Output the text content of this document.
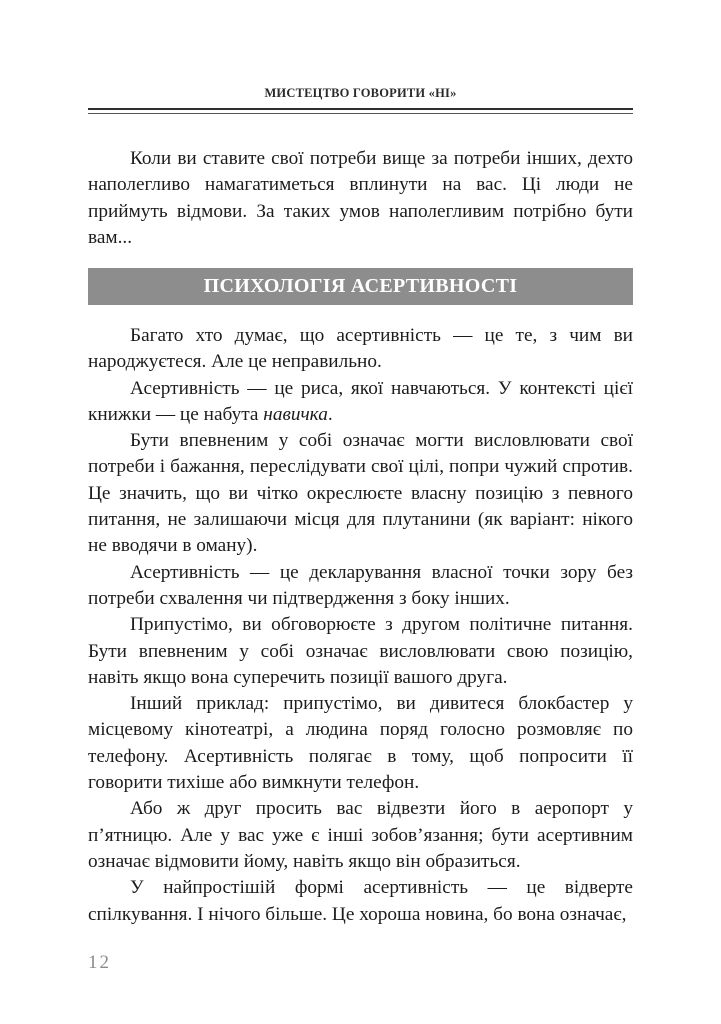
МИСТЕЦТВО ГОВОРИТИ «НІ»

Коли ви ставите свої потреби вище за потреби інших, дехто наполегливо намагатиметься вплинути на вас. Ці люди не приймуть відмови. За таких умов наполегливим потрібно бути вам...

ПСИХОЛОГІЯ АСЕРТИВНОСТІ

Багато хто думає, що асертивність — це те, з чим ви народжуєтеся. Але це неправильно.

Асертивність — це риса, якої навчаються. У контексті цієї книжки — це набута навичка.

Бути впевненим у собі означає могти висловлювати свої потреби і бажання, переслідувати свої цілі, попри чужий спротив. Це значить, що ви чітко окреслюєте власну позицію з певного питання, не залишаючи місця для плутанини (як варіант: нікого не вводячи в оману).

Асертивність — це декларування власної точки зору без потреби схвалення чи підтвердження з боку інших.

Припустімо, ви обговорюєте з другом політичне питання. Бути впевненим у собі означає висловлювати свою позицію, навіть якщо вона суперечить позиції вашого друга.

Інший приклад: припустімо, ви дивитеся блокбастер у місцевому кінотеатрі, а людина поряд голосно розмовляє по телефону. Асертивність полягає в тому, щоб попросити її говорити тихіше або вимкнути телефон.

Або ж друг просить вас відвезти його в аеропорт у п’ятницю. Але у вас уже є інші зобов’язання; бути асертивним означає відмовити йому, навіть якщо він образиться.

У найпростішій формі асертивність — це відверте спілкування. І нічого більше. Це хороша новина, бо вона означає,

12
